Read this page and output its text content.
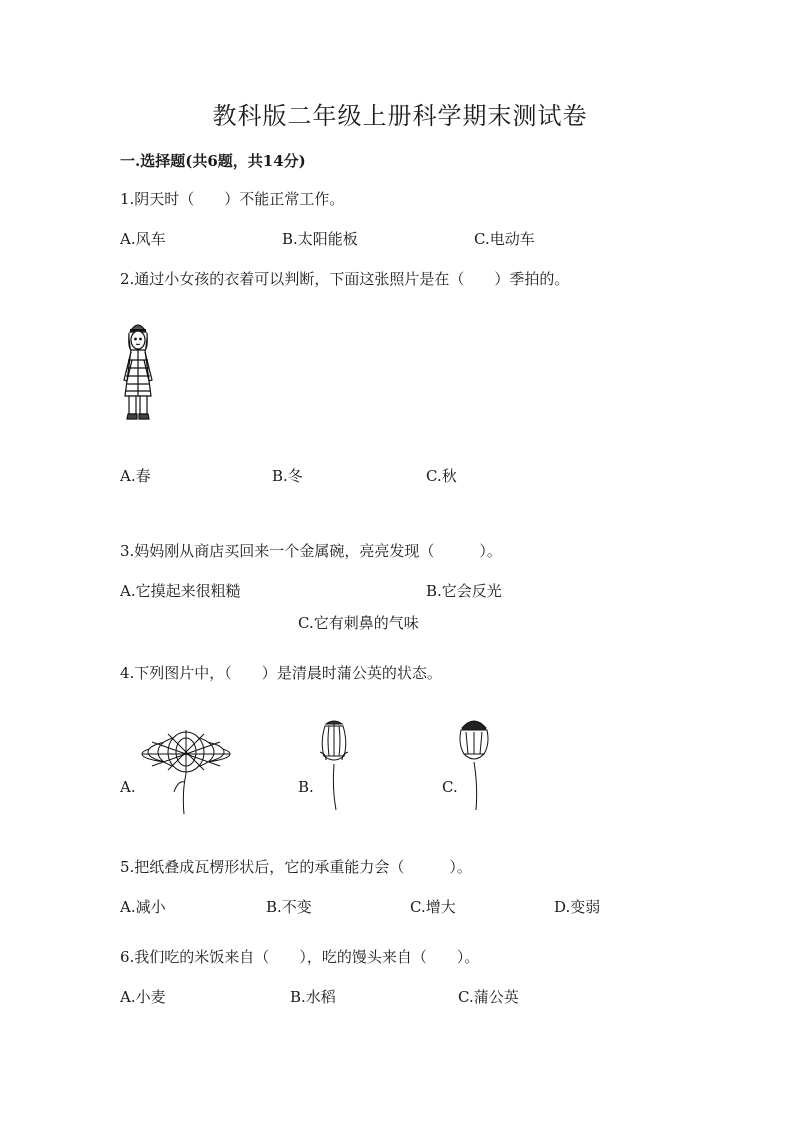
教科版二年级上册科学期末测试卷
一.选择题(共6题，共14分)
1.阴天时（　　）不能正常工作。
A.风车	B.太阳能板	C.电动车
2.通过小女孩的衣着可以判断，下面这张照片是在（　　）季拍的。
A.春	B.冬	C.秋
3.妈妈刚从商店买回来一个金属碗，亮亮发现（　　　）。
A.它摸起来很粗糙	B.它会反光
C.它有刺鼻的气味
4.下列图片中，（　　）是清晨时蒲公英的状态。
A.	B.	C.
5.把纸叠成瓦楞形状后，它的承重能力会（　　　）。
A.减小	B.不变	C.增大	D.变弱
6.我们吃的米饭来自（　　），吃的馒头来自（　　）。
A.小麦	B.水稻	C.蒲公英
